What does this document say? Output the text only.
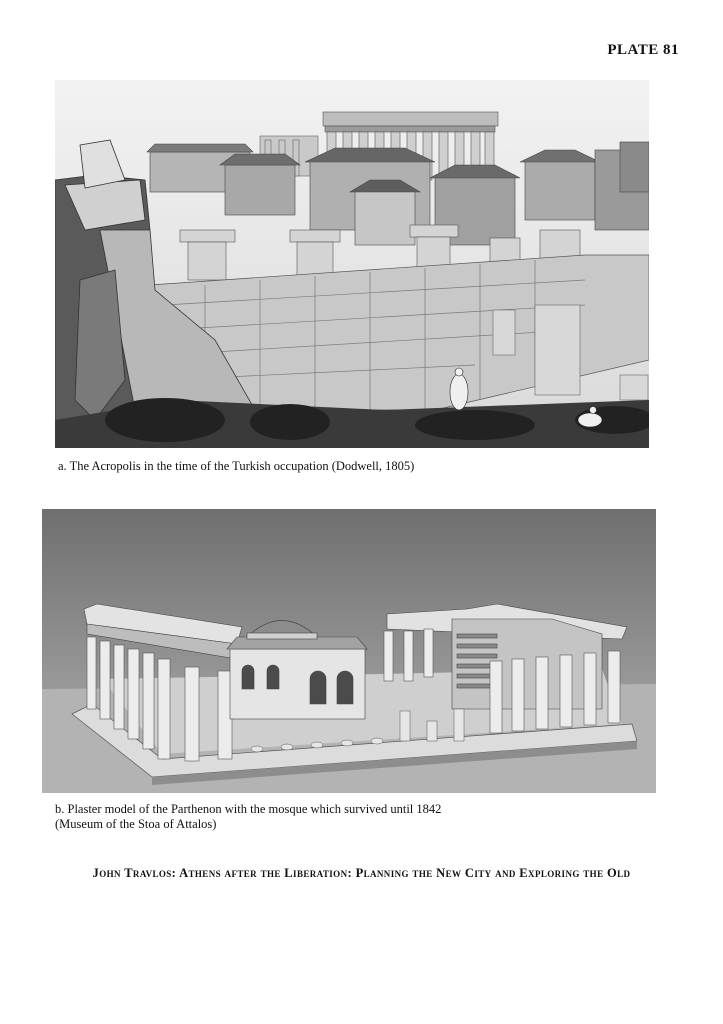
PLATE 81
a. The Acropolis in the time of the Turkish occupation (Dodwell, 1805)
b. Plaster model of the Parthenon with the mosque which survived until 1842
(Museum of the Stoa of Attalos)
John Travlos: Athens after the Liberation: Planning the New City and Exploring the Old
